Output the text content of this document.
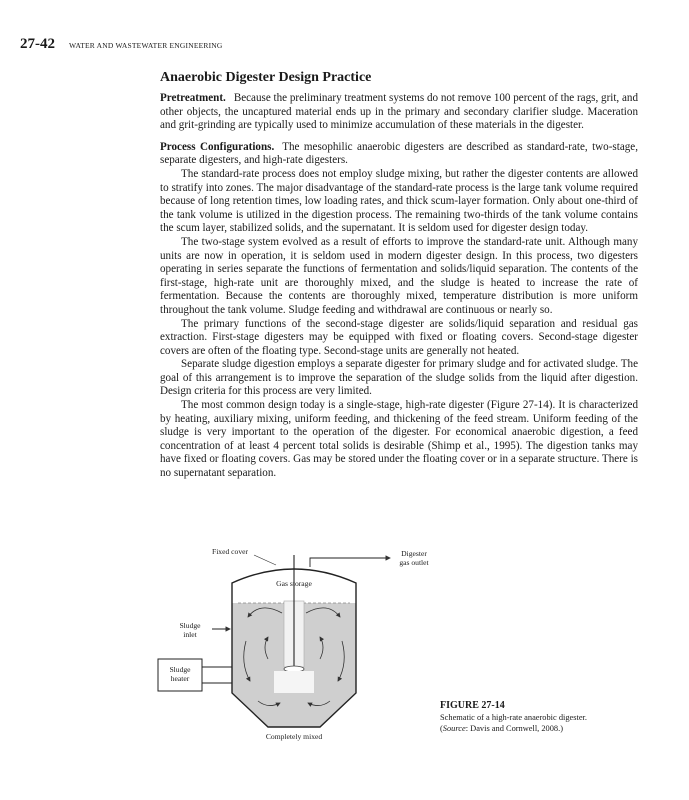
27-42 WATER AND WASTEWATER ENGINEERING
Anaerobic Digester Design Practice

Pretreatment. Because the preliminary treatment systems do not remove 100 percent of the rags, grit, and other objects, the uncaptured material ends up in the primary and secondary clarifier sludge. Maceration and grit-grinding are typically used to minimize accumulation of these materials in the digester.

Process Configurations. The mesophilic anaerobic digesters are described as standard-rate, two-stage, separate digesters, and high-rate digesters.

The standard-rate process does not employ sludge mixing, but rather the digester contents are allowed to stratify into zones. The major disadvantage of the standard-rate process is the large tank volume required because of long retention times, low loading rates, and thick scum-layer formation. Only about one-third of the tank volume is utilized in the digestion process. The remaining two-thirds of the tank volume contains the scum layer, stabilized solids, and the supernatant. It is seldom used for digester design today.

The two-stage system evolved as a result of efforts to improve the standard-rate unit. Although many units are now in operation, it is seldom used in modern digester design. In this process, two digesters operating in series separate the functions of fermentation and solids/liquid separation. The contents of the first-stage, high-rate unit are thoroughly mixed, and the sludge is heated to increase the rate of fermentation. Because the contents are thoroughly mixed, temperature distribution is more uniform throughout the tank volume. Sludge feeding and withdrawal are continuous or nearly so.

The primary functions of the second-stage digester are solids/liquid separation and residual gas extraction. First-stage digesters may be equipped with fixed or floating covers. Second-stage digester covers are often of the floating type. Second-stage units are generally not heated.

Separate sludge digestion employs a separate digester for primary sludge and for activated sludge. The goal of this arrangement is to improve the separation of the sludge solids from the liquid after digestion. Design criteria for this process are very limited.

The most common design today is a single-stage, high-rate digester (Figure 27-14). It is characterized by heating, auxiliary mixing, uniform feeding, and thickening of the feed stream. Uniform feeding of the sludge is very important to the operation of the digester. For economical anaerobic digestion, a feed concentration of at least 4 percent total solids is desirable (Shimp et al., 1995). The digestion tanks may have fixed or floating covers. Gas may be stored under the floating cover or in a separate structure. There is no supernatant separation.

Fixed cover	Digester
gas outlet
Gas storage
Sludge
inlet
Sludge
heater
Completely mixed
FIGURE 27-14
Schematic of a high-rate anaerobic digester.
(Source: Davis and Cornwell, 2008.)
